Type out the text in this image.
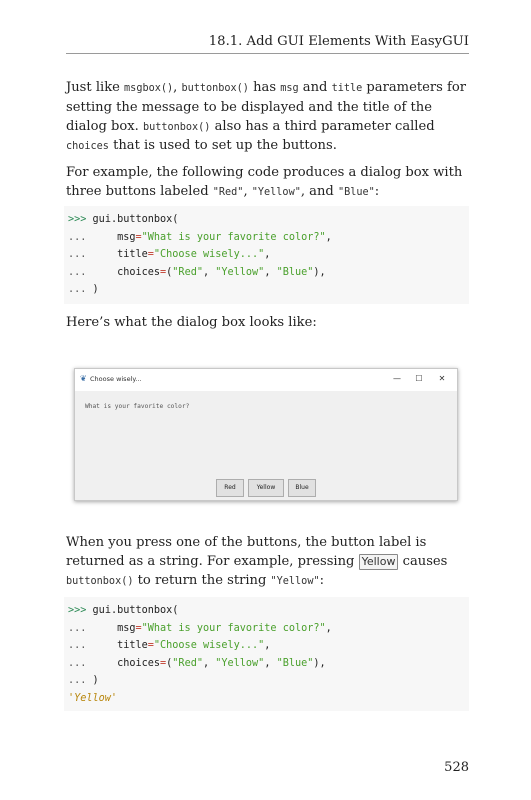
18.1. Add GUI Elements With EasyGUI
Just like msgbox(), buttonbox() has msg and title parameters for setting the message to be displayed and the title of the dialog box. buttonbox() also has a third parameter called choices that is used to set up the buttons.
For example, the following code produces a dialog box with three buttons labeled "Red", "Yellow", and "Blue":
>>> gui.buttonbox(
...	msg="What is your favorite color?",
...	title="Choose wisely...",
...	choices=("Red", "Yellow", "Blue"),
... )
Here’s what the dialog box looks like:
❦ Choose wisely...	—	☐	✕
What is your favorite color?
Red	Yellow	Blue
When you press one of the buttons, the button label is returned as a string. For example, pressing Yellow causes buttonbox() to return the string "Yellow":
>>> gui.buttonbox(
...	msg="What is your favorite color?",
...	title="Choose wisely...",
...	choices=("Red", "Yellow", "Blue"),
... )
'Yellow'
528
